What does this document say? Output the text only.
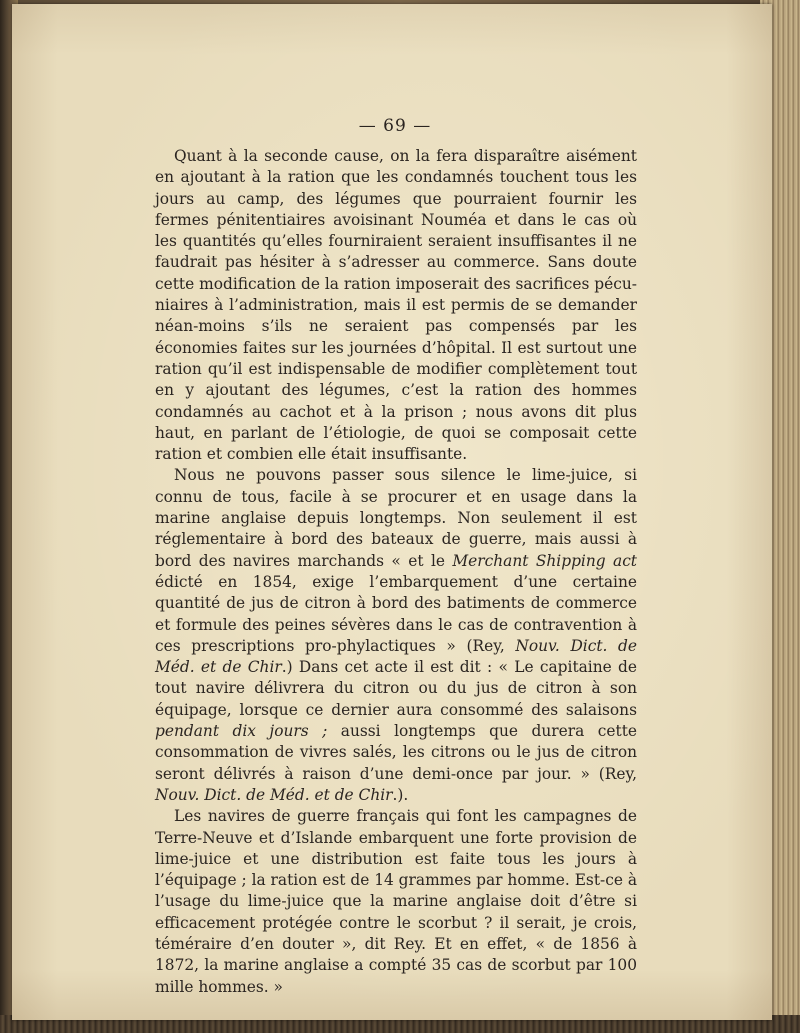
— 69 —

Quant à la seconde cause, on la fera disparaître aisément en ajoutant à la ration que les condamnés touchent tous les jours au camp, des légumes que pourraient fournir les fermes pénitentiaires avoisinant Nouméa et dans le cas où les quantités qu’elles fourniraient seraient insuffisantes il ne faudrait pas hésiter à s’adresser au commerce. Sans doute cette modification de la ration imposerait des sacrifices pécu-niaires à l’administration, mais il est permis de se demander néan-moins s’ils ne seraient pas compensés par les économies faites sur les journées d’hôpital. Il est surtout une ration qu’il est indispensable de modifier complètement tout en y ajoutant des légumes, c’est la ration des hommes condamnés au cachot et à la prison ; nous avons dit plus haut, en parlant de l’étiologie, de quoi se composait cette ration et combien elle était insuffisante.

Nous ne pouvons passer sous silence le lime-juice, si connu de tous, facile à se procurer et en usage dans la marine anglaise depuis longtemps. Non seulement il est réglementaire à bord des bateaux de guerre, mais aussi à bord des navires marchands « et le Merchant Shipping act édicté en 1854, exige l’embarquement d’une certaine quantité de jus de citron à bord des batiments de commerce et formule des peines sévères dans le cas de contravention à ces prescriptions pro-phylactiques » (Rey, Nouv. Dict. de Méd. et de Chir.) Dans cet acte il est dit : « Le capitaine de tout navire délivrera du citron ou du jus de citron à son équipage, lorsque ce dernier aura consommé des salaisons pendant dix jours ; aussi longtemps que durera cette consommation de vivres salés, les citrons ou le jus de citron seront délivrés à raison d’une demi-once par jour. » (Rey, Nouv. Dict. de Méd. et de Chir.).

Les navires de guerre français qui font les campagnes de Terre-Neuve et d’Islande embarquent une forte provision de lime-juice et une distribution est faite tous les jours à l’équipage ; la ration est de 14 grammes par homme. Est-ce à l’usage du lime-juice que la marine anglaise doit d’être si efficacement protégée contre le scorbut ? il serait, je crois, téméraire d’en douter », dit Rey. Et en effet, « de 1856 à 1872, la marine anglaise a compté 35 cas de scorbut par 100 mille hommes. »
